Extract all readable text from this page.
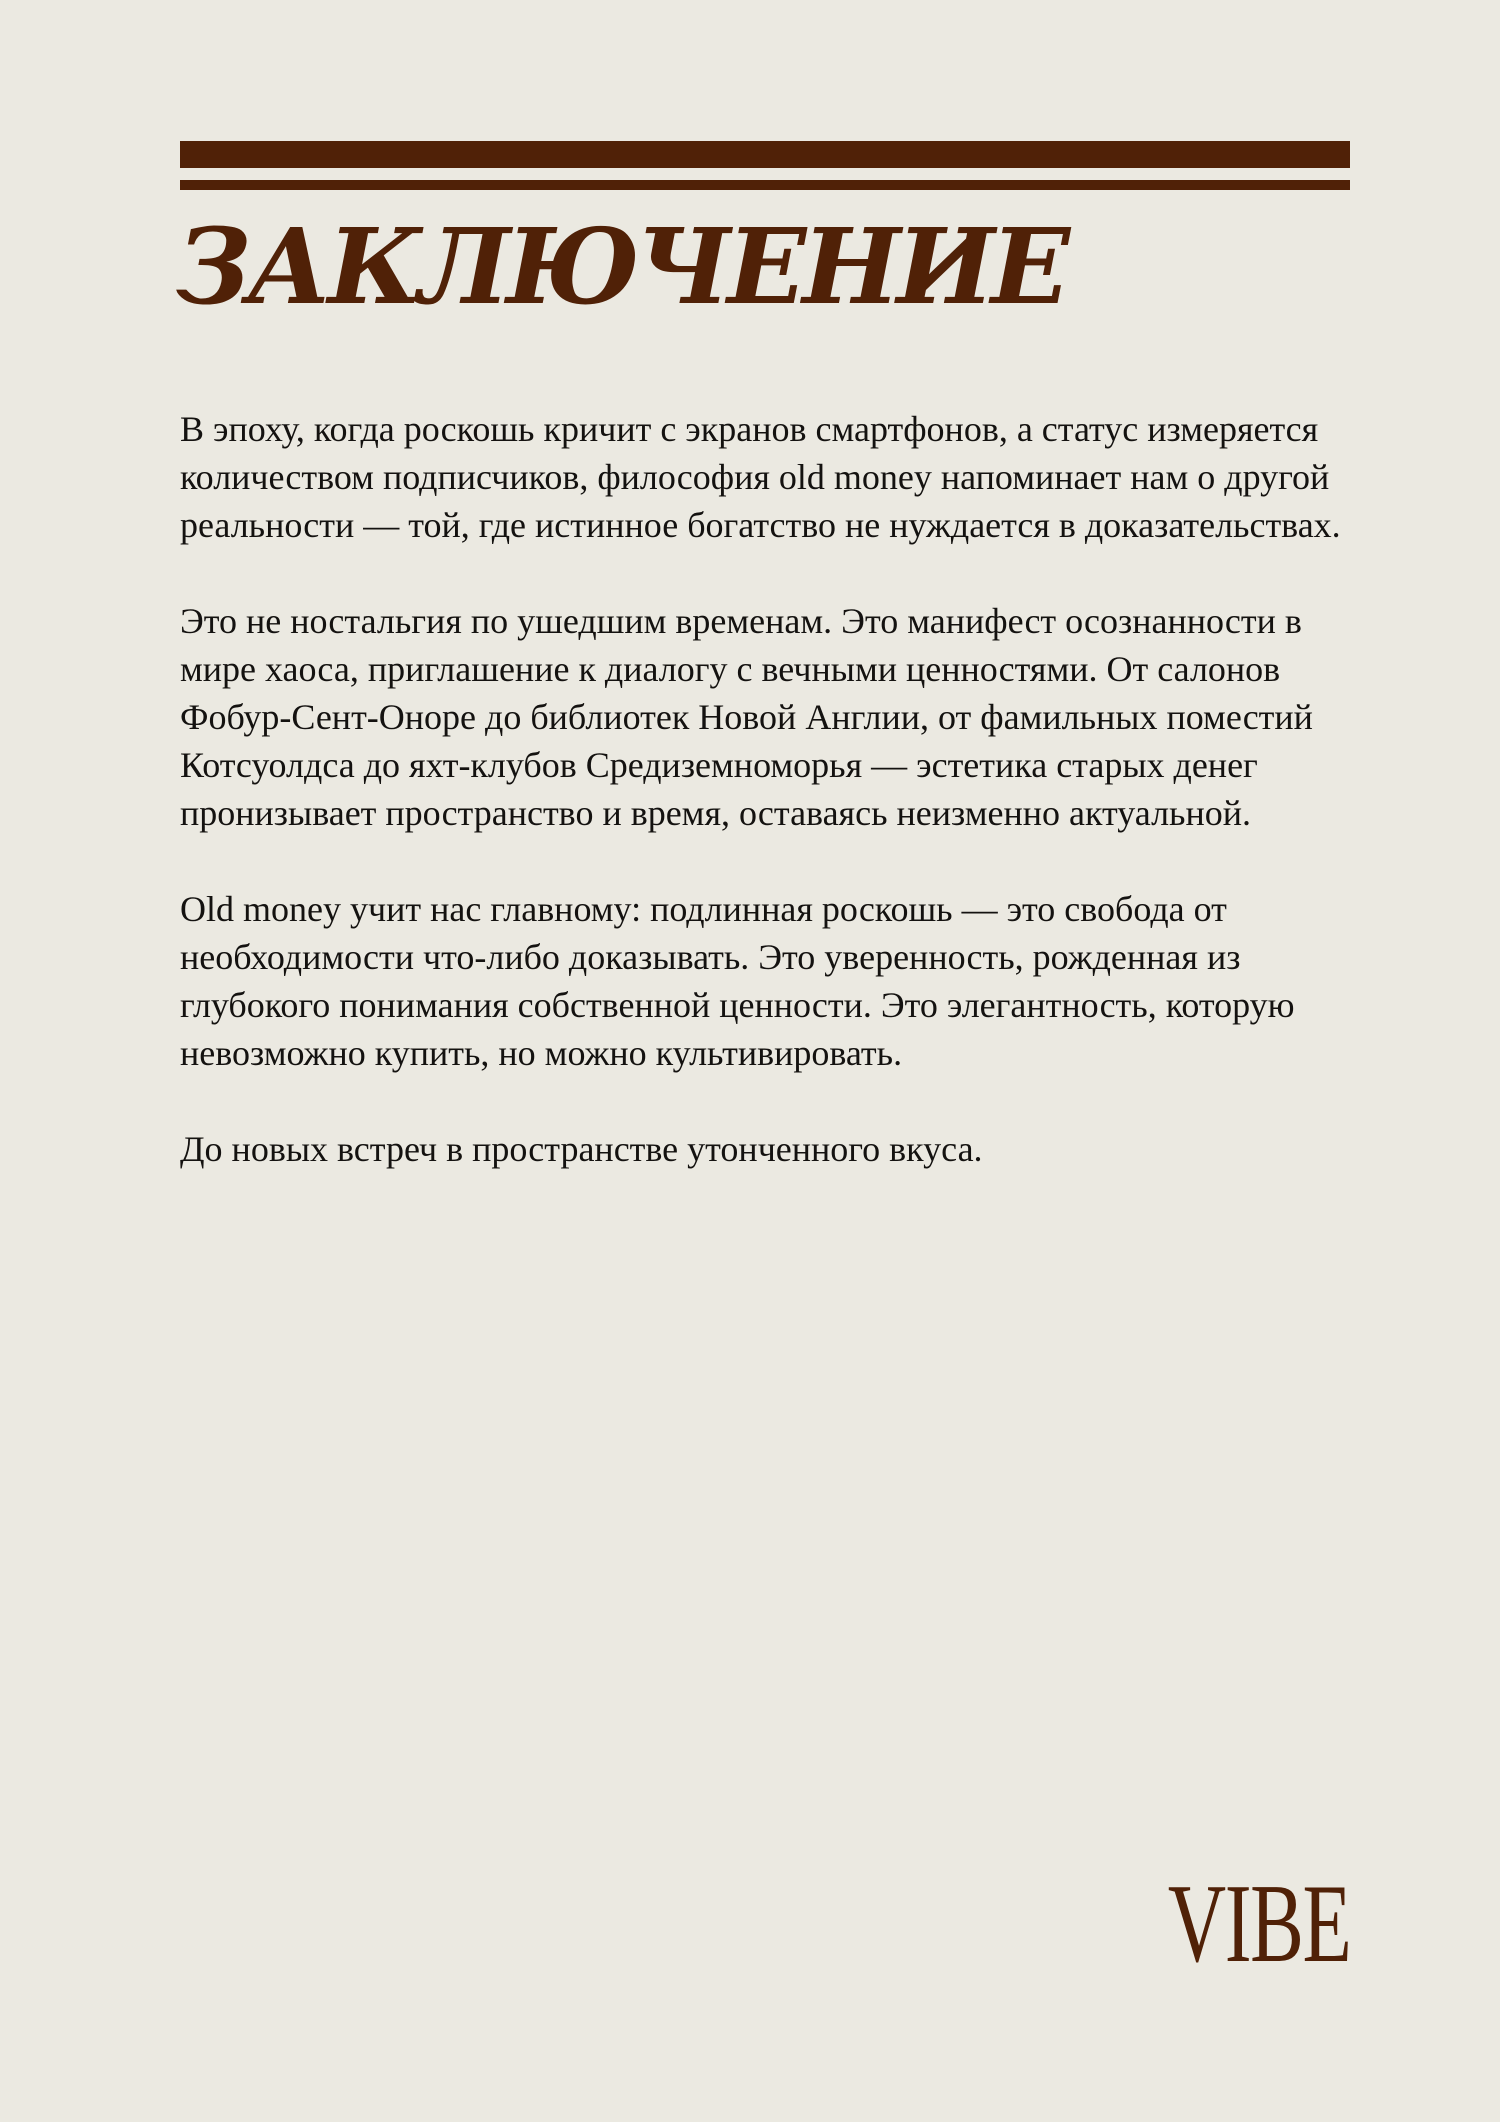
ЗАКЛЮЧЕНИЕ

В эпоху, когда роскошь кричит с экранов смартфонов, а статус измеряется количеством подписчиков, философия old money напоминает нам о другой реальности — той, где истинное богатство не нуждается в доказательствах.

Это не ностальгия по ушедшим временам. Это манифест осознанности в мире хаоса, приглашение к диалогу с вечными ценностями. От салонов Фобур-Сент-Оноре до библиотек Новой Англии, от фамильных поместий Котсуолдса до яхт-клубов Средиземноморья — эстетика старых денег пронизывает пространство и время, оставаясь неизменно актуальной.

Old money учит нас главному: подлинная роскошь — это свобода от необходимости что-либо доказывать. Это уверенность, рожденная из глубокого понимания собственной ценности. Это элегантность, которую невозможно купить, но можно культивировать.

До новых встреч в пространстве утонченного вкуса.

VIBE
